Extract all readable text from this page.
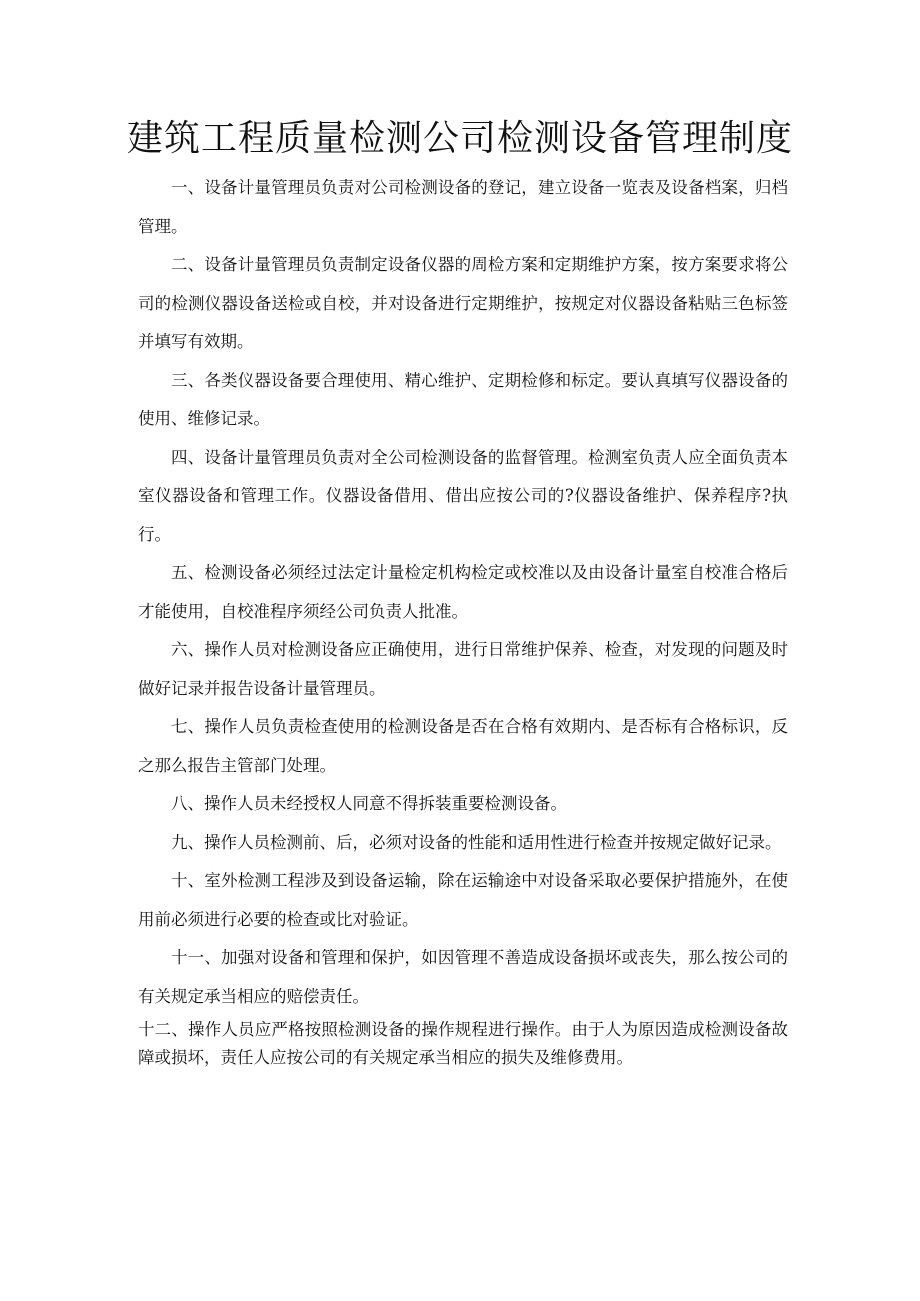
建筑工程质量检测公司检测设备管理制度

一、设备计量管理员负责对公司检测设备的登记，建立设备一览表及设备档案，归档管理。

二、设备计量管理员负责制定设备仪器的周检方案和定期维护方案，按方案要求将公司的检测仪器设备送检或自校，并对设备进行定期维护，按规定对仪器设备粘贴三色标签并填写有效期。

三、各类仪器设备要合理使用、精心维护、定期检修和标定。要认真填写仪器设备的使用、维修记录。

四、设备计量管理员负责对全公司检测设备的监督管理。检测室负责人应全面负责本室仪器设备和管理工作。仪器设备借用、借出应按公司的?仪器设备维护、保养程序?执行。

五、检测设备必须经过法定计量检定机构检定或校准以及由设备计量室自校准合格后才能使用，自校准程序须经公司负责人批准。

六、操作人员对检测设备应正确使用，进行日常维护保养、检查，对发现的问题及时做好记录并报告设备计量管理员。

七、操作人员负责检查使用的检测设备是否在合格有效期内、是否标有合格标识，反之那么报告主管部门处理。

八、操作人员未经授权人同意不得拆装重要检测设备。

九、操作人员检测前、后，必须对设备的性能和适用性进行检查并按规定做好记录。

十、室外检测工程涉及到设备运输，除在运输途中对设备采取必要保护措施外，在使用前必须进行必要的检查或比对验证。

十一、加强对设备和管理和保护，如因管理不善造成设备损坏或丧失，那么按公司的有关规定承当相应的赔偿责任。

十二、操作人员应严格按照检测设备的操作规程进行操作。由于人为原因造成检测设备故障或损坏，责任人应按公司的有关规定承当相应的损失及维修费用。
